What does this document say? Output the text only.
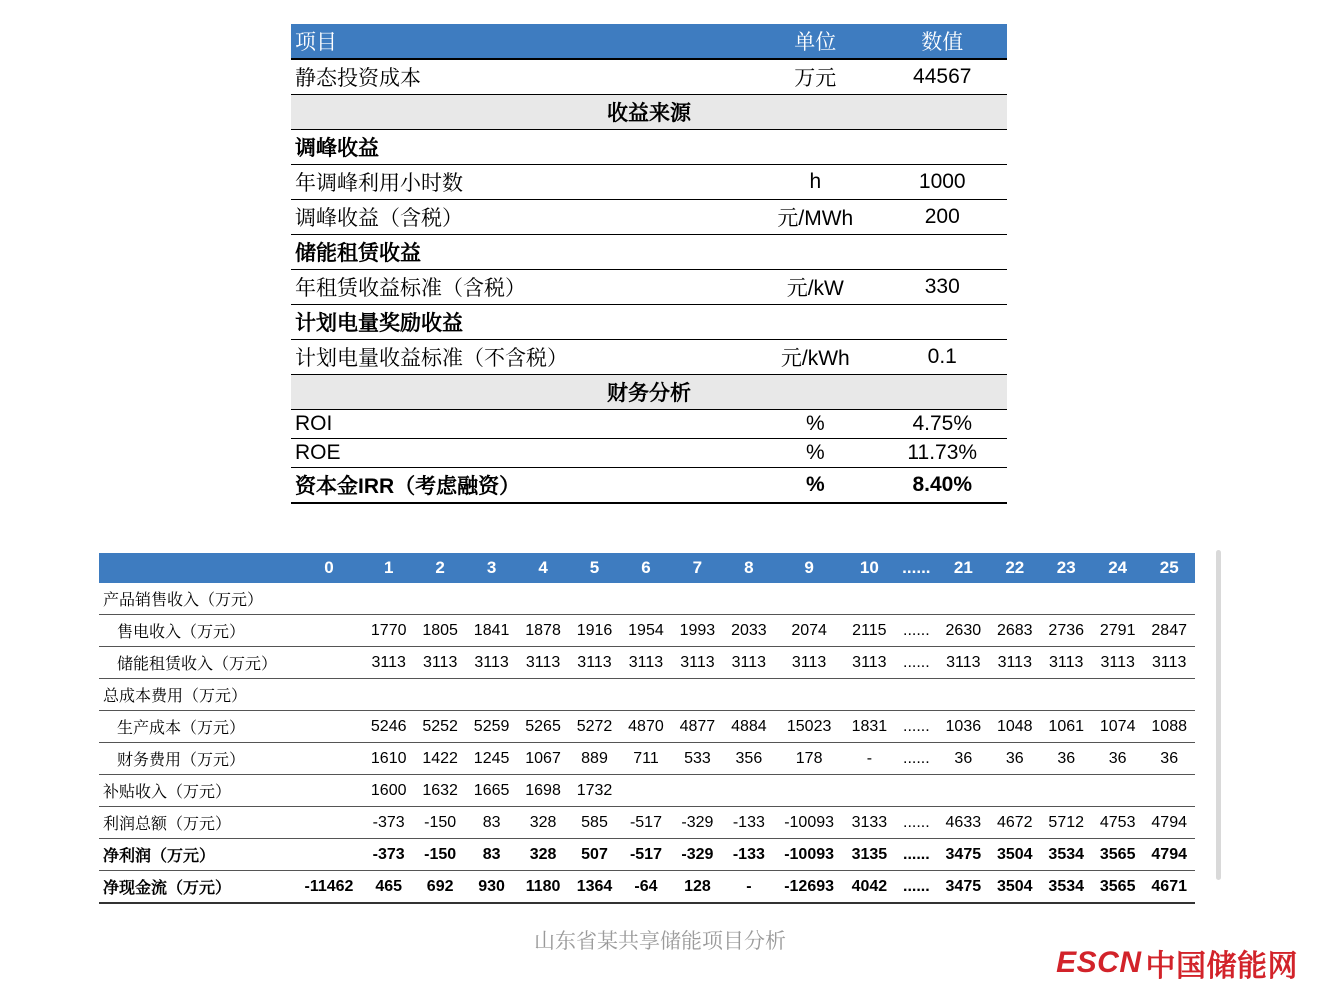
项目	单位	数值
静态投资成本	万元	44567
收益来源		
调峰收益		
年调峰利用小时数	h	1000
调峰收益（含税）	元/MWh	200
储能租赁收益		
年租赁收益标准（含税）	元/kW	330
计划电量奖励收益		
计划电量收益标准（不含税）	元/kWh	0.1
财务分析		
ROI	%	4.75%
ROE	%	11.73%
资本金IRR（考虑融资）	%	8.40%
	0	1	2	3	4	5	6	7	8	9	10	......	21	22	23	24	25
产品销售收入（万元）																	
售电收入（万元）		1770	1805	1841	1878	1916	1954	1993	2033	2074	2115	......	2630	2683	2736	2791	2847
储能租赁收入（万元）		3113	3113	3113	3113	3113	3113	3113	3113	3113	3113	......	3113	3113	3113	3113	3113
总成本费用（万元）																	
生产成本（万元）		5246	5252	5259	5265	5272	4870	4877	4884	15023	1831	......	1036	1048	1061	1074	1088
财务费用（万元）		1610	1422	1245	1067	889	711	533	356	178	-	......	36	36	36	36	36
补贴收入（万元）		1600	1632	1665	1698	1732											
利润总额（万元）		-373	-150	83	328	585	-517	-329	-133	-10093	3133	......	4633	4672	5712	4753	4794
净利润（万元）		-373	-150	83	328	507	-517	-329	-133	-10093	3135	......	3475	3504	3534	3565	4794
净现金流（万元）	-11462	465	692	930	1180	1364	-64	128	-	-12693	4042	......	3475	3504	3534	3565	4671
山东省某共享储能项目分析
ESCN 中国储能网
